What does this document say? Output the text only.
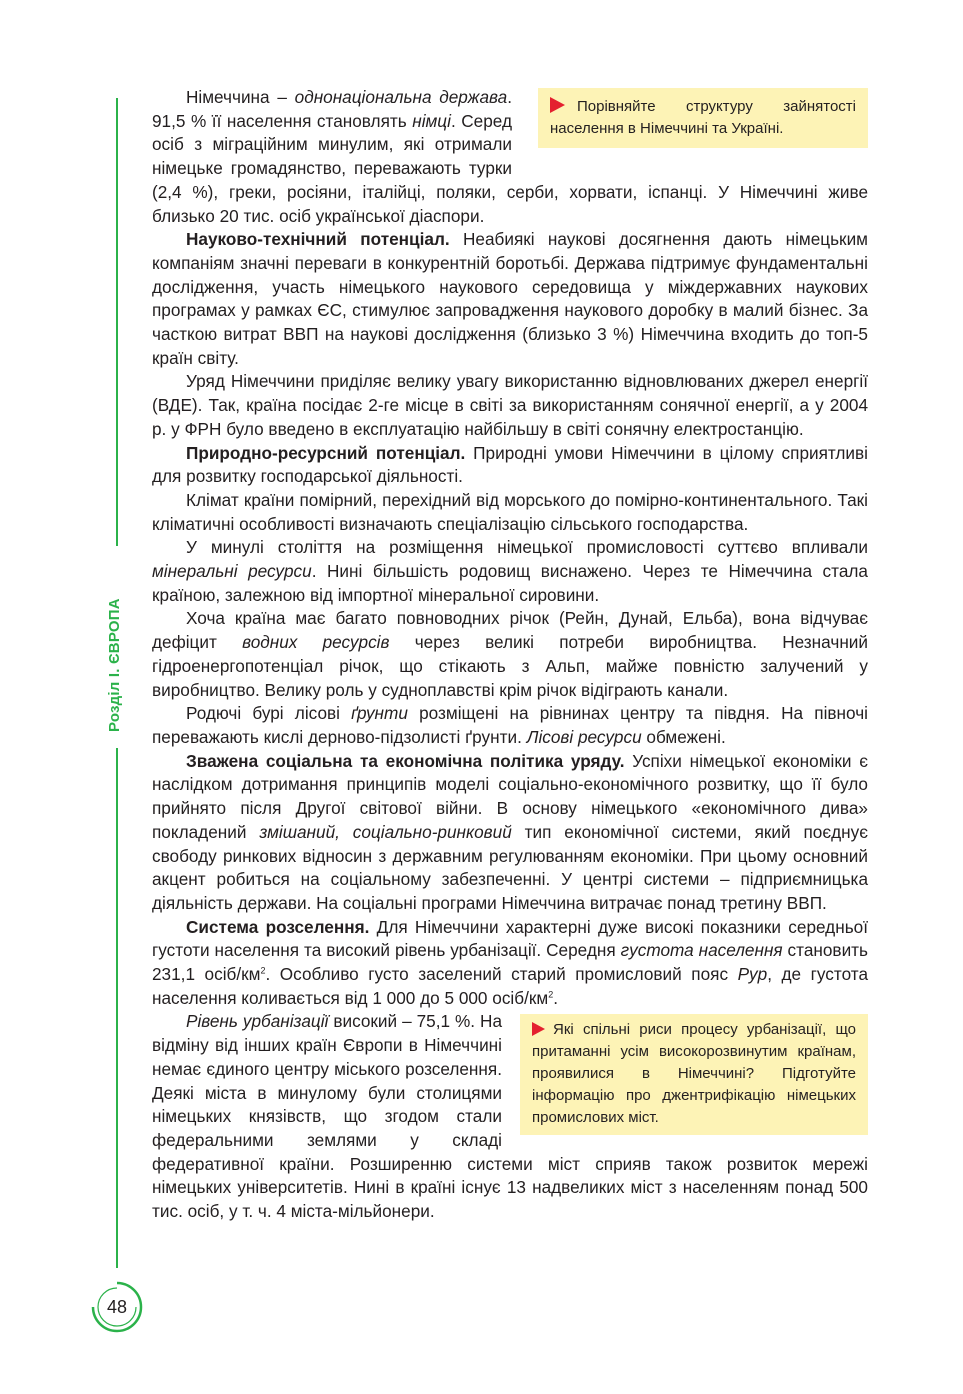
Розділ І. ЄВРОПА
48
Порівняйте структуру зайнятості населення в Німеччині та Україні.

Німеччина – однонаціональна держава. 91,5 % її населення становлять німці. Серед осіб з міграційним минулим, які отримали німецьке громадянство, переважають турки (2,4 %), греки, росіяни, італійці, поляки, серби, хорвати, іспанці. У Німеччині живе близько 20 тис. осіб української діаспори.

Науково-технічний потенціал. Неабиякі наукові досягнення дають німецьким компаніям значні переваги в конкурентній боротьбі. Держава підтримує фундаментальні дослідження, участь німецького наукового середовища у міждержавних наукових програмах у рамках ЄС, стимулює запровадження наукового доробку в малий бізнес. За часткою витрат ВВП на наукові дослідження (близько 3 %) Німеччина входить до топ-5 країн світу.

Уряд Німеччини приділяє велику увагу використанню відновлюваних джерел енергії (ВДЕ). Так, країна посідає 2-ге місце в світі за використанням сонячної енергії, а у 2004 р. у ФРН було введено в експлуатацію найбільшу в світі сонячну електростанцію.

Природно-ресурсний потенціал. Природні умови Німеччини в цілому сприятливі для розвитку господарської діяльності.

Клімат країни помірний, перехідний від морського до помірно-континентального. Такі кліматичні особливості визначають спеціалізацію сільського господарства.

У минулі століття на розміщення німецької промисловості суттєво впливали мінеральні ресурси. Нині більшість родовищ виснажено. Через те Німеччина стала країною, залежною від імпортної мінеральної сировини.

Хоча країна має багато повноводних річок (Рейн, Дунай, Ельба), вона відчуває дефіцит водних ресурсів через великі потреби виробництва. Незначний гідроенергопотенціал річок, що стікають з Альп, майже повністю залучений у виробництво. Велику роль у судноплавстві крім річок відіграють канали.

Родючі бурі лісові ґрунти розміщені на рівнинах центру та півдня. На півночі переважають кислі дерново-підзолисті ґрунти. Лісові ресурси обмежені.

Зважена соціальна та економічна політика уряду. Успіхи німецької економіки є наслідком дотримання принципів моделі соціально-економічного розвитку, що її було прийнято після Другої світової війни. В основу німецького «економічного дива» покладений змішаний, соціально-ринковий тип економічної системи, який поєднує свободу ринкових відносин з державним регулюванням економіки. При цьому основний акцент робиться на соціальному забезпеченні. У центрі системи – підприємницька діяльність держави. На соціальні програми Німеччина витрачає понад третину ВВП.

Система розселення. Для Німеччини характерні дуже високі показники середньої густоти населення та високий рівень урбанізації. Середня густота населення становить 231,1 осіб/$км^2$. Особливо густо заселений старий промисловий пояс Рур, де густота населення коливається від 1 000 до 5 000 осіб/$км^2$.

Які спільні риси процесу урбанізації, що притаманні усім високорозвинутим країнам, проявилися в Німеччині? Підготуйте інформацію про джентрифікацію німецьких промислових міст.

Рівень урбанізації високий – 75,1 %. На відміну від інших країн Європи в Німеччині немає єдиного центру міського розселення. Деякі міста в минулому були столицями німецьких князівств, що згодом стали федеральними землями у складі федеративної країни. Розширенню системи міст сприяв також розвиток мережі німецьких університетів. Нині в країні існує 13 надвеликих міст з населенням понад 500 тис. осіб, у т. ч. 4 міста-мільйонери.
